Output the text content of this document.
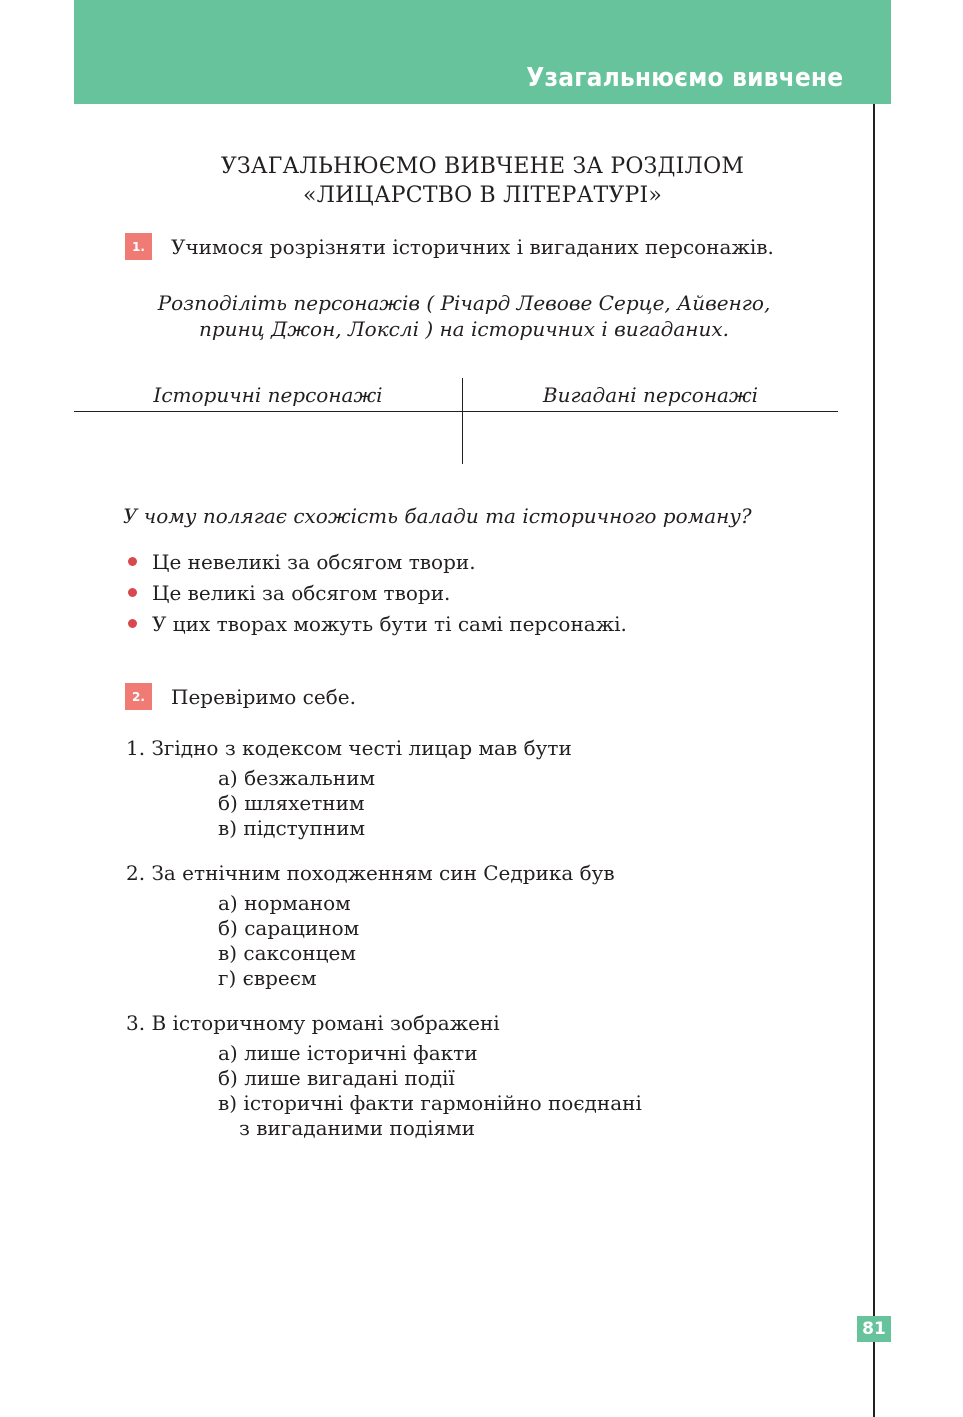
Узагальнюємо вивчене
81
УЗАГАЛЬНЮЄМО ВИВЧЕНЕ ЗА РОЗДІЛОМ
«ЛИЦАРСТВО В ЛІТЕРАТУРІ»
1.	Учимося розрізняти історичних і вигаданих персонажів.
Розподіліть персонажів ( Річард Левове Серце, Айвенго,
принц Джон, Локслі ) на історичних і вигаданих.
Історичні персонажі	Вигадані персонажі
У чому полягає схожість балади та історичного роману?
Це невеликі за обсягом твори.
Це великі за обсягом твори.
У цих творах можуть бути ті самі персонажі.
2.	Перевіримо себе.
1. Згідно з кодексом честі лицар мав бути
а) безжальним
б) шляхетним
в) підступним
2. За етнічним походженням син Седрика був
а) норманом
б) сарацином
в) саксонцем
г) євреєм
3. В історичному романі зображені
а) лише історичні факти
б) лише вигадані події
в) історичні факти гармонійно поєднані
з вигаданими подіями
